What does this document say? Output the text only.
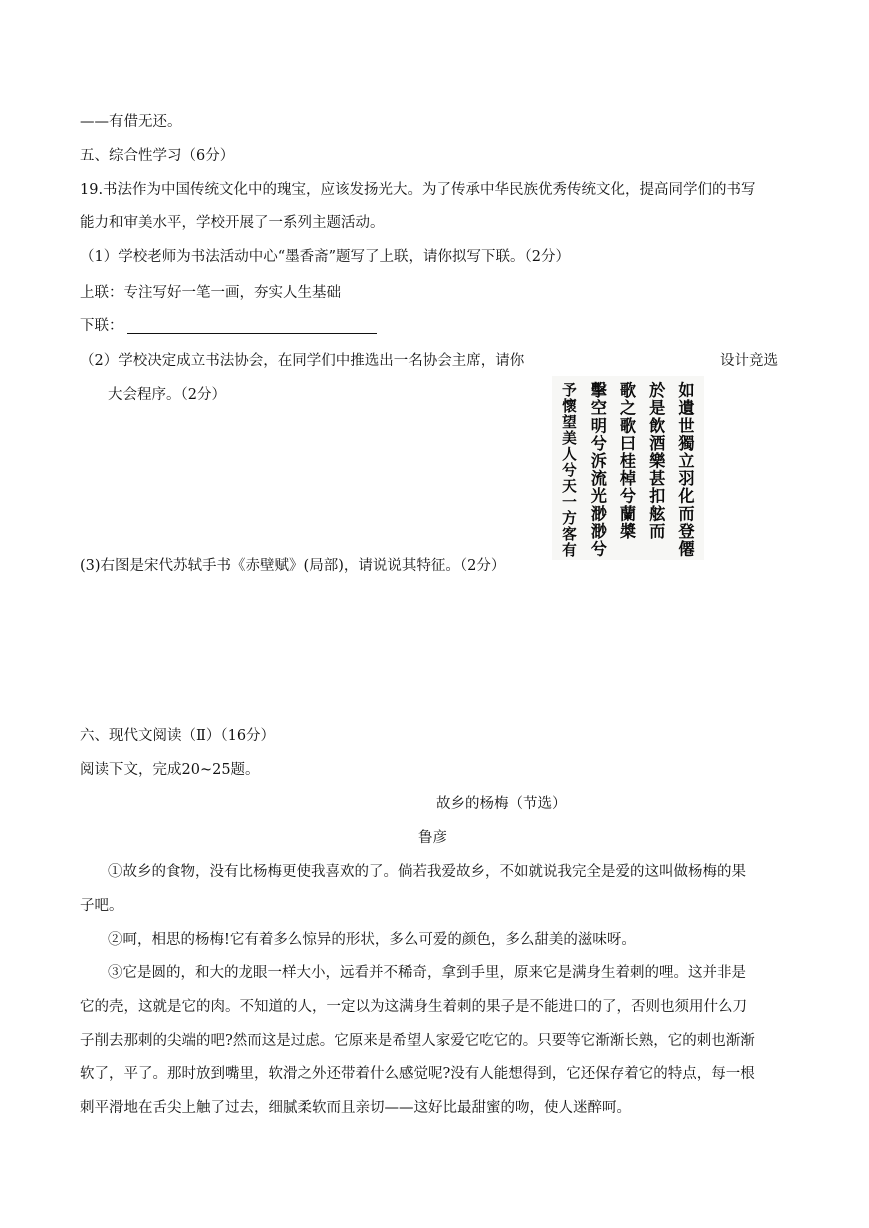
——有借无还。
五、综合性学习（6分）
19.书法作为中国传统文化中的瑰宝，应该发扬光大。为了传承中华民族优秀传统文化，提高同学们的书写
能力和审美水平，学校开展了一系列主题活动。
（1）学校老师为书法活动中心“墨香斋”题写了上联，请你拟写下联。（2分）
上联：专注写好一笔一画，夯实人生基础
下联：
（2）学校决定成立书法协会，在同学们中推选出一名协会主席，请你	设计竞选
大会程序。（2分）	如
遺
世
獨
立
羽
化
而
登
僊
於
是
飲
酒
樂
甚
扣
舷
而
歌
之
歌
曰
桂
棹
兮
蘭
槳
擊
空
明
兮
泝
流
光
渺
渺
兮
予
懷
望
美
人
兮
天
一
方
客
有
(3)右图是宋代苏轼手书《赤壁赋》(局部)，请说说其特征。（2分）
六、现代文阅读（Ⅱ）（16分）
阅读下文，完成20~25题。
故乡的杨梅（节选）
鲁彦
①故乡的食物，没有比杨梅更使我喜欢的了。倘若我爱故乡，不如就说我完全是爱的这叫做杨梅的果
子吧。
②呵，相思的杨梅!它有着多么惊异的形状，多么可爱的颜色，多么甜美的滋味呀。
③它是圆的，和大的龙眼一样大小，远看并不稀奇，拿到手里，原来它是满身生着刺的哩。这并非是
它的壳，这就是它的肉。不知道的人，一定以为这满身生着刺的果子是不能进口的了，否则也须用什么刀
子削去那刺的尖端的吧?然而这是过虑。它原来是希望人家爱它吃它的。只要等它渐渐长熟，它的刺也渐渐
软了，平了。那时放到嘴里，软滑之外还带着什么感觉呢?没有人能想得到，它还保存着它的特点，每一根
刺平滑地在舌尖上触了过去，细腻柔软而且亲切——这好比最甜蜜的吻，使人迷醉呵。
